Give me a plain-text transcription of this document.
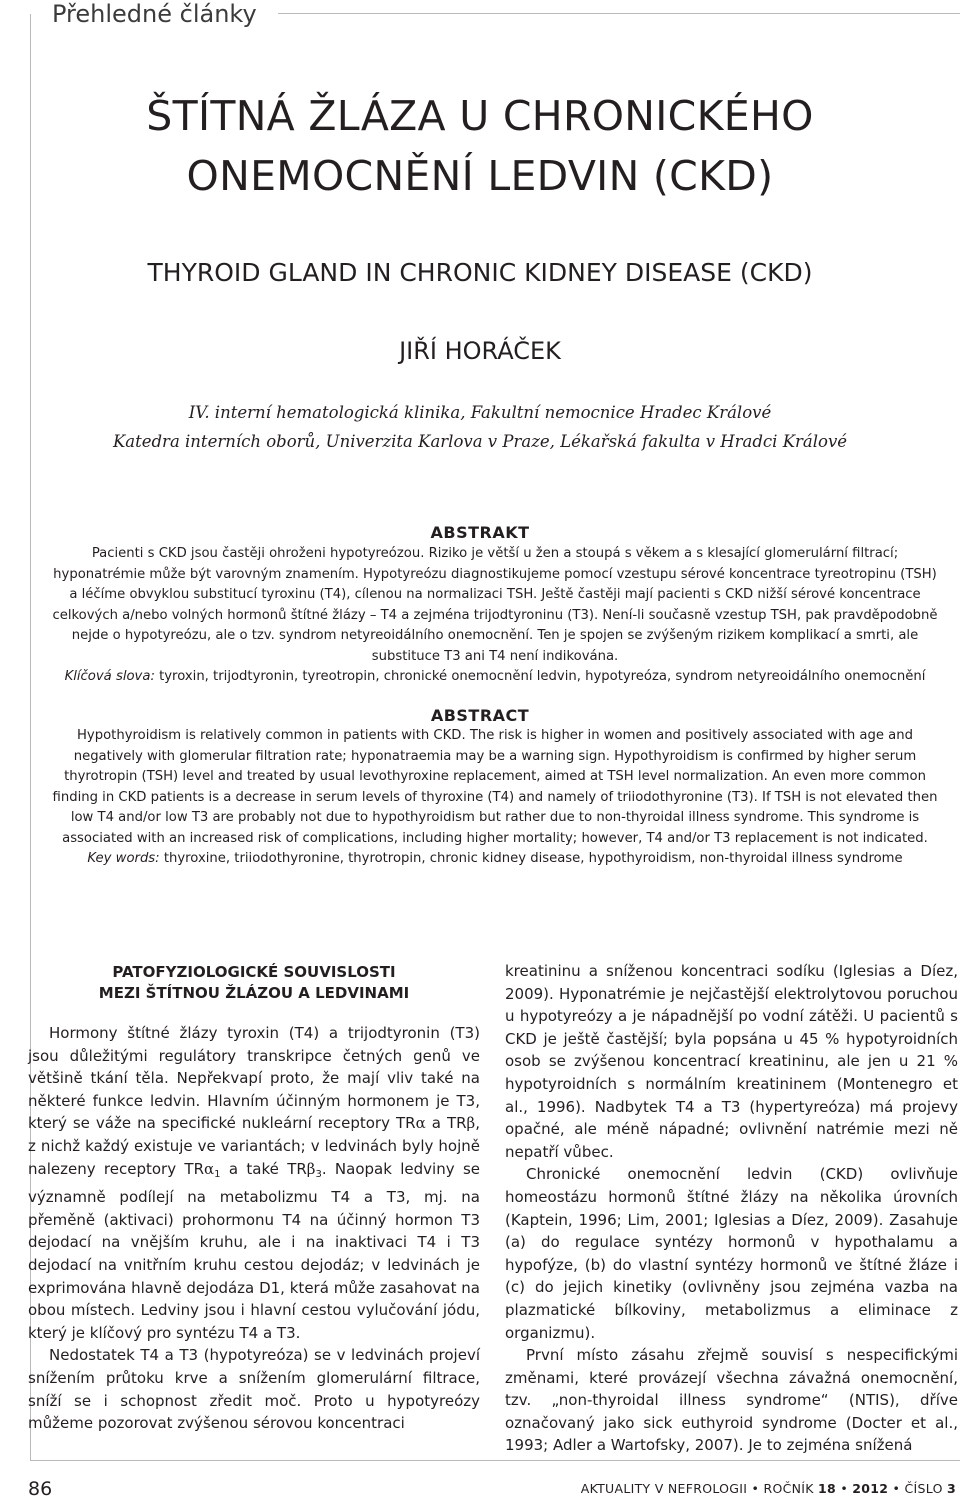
Přehledné články
ŠTÍTNÁ ŽLÁZA U CHRONICKÉHO
ONEMOCNĚNÍ LEDVIN (CKD)
THYROID GLAND IN CHRONIC KIDNEY DISEASE (CKD)
JIŘÍ HORÁČEK
IV. interní hematologická klinika, Fakultní nemocnice Hradec Králové
Katedra interních oborů, Univerzita Karlova v Praze, Lékařská fakulta v Hradci Králové
ABSTRAKT
Pacienti s CKD jsou častěji ohroženi hypotyreózou. Riziko je větší u žen a stoupá s věkem a s klesající glomerulární filtrací;
hyponatrémie může být varovným znamením. Hypotyreózu diagnostikujeme pomocí vzestupu sérové koncentrace tyreotropinu (TSH)
a léčíme obvyklou substitucí tyroxinu (T4), cílenou na normalizaci TSH. Ještě častěji mají pacienti s CKD nižší sérové koncentrace
celkových a/nebo volných hormonů štítné žlázy – T4 a zejména trijodtyroninu (T3). Není-li současně vzestup TSH, pak pravděpodobně
nejde o hypotyreózu, ale o tzv. syndrom netyreoidálního onemocnění. Ten je spojen se zvýšeným rizikem komplikací a smrti, ale
substituce T3 ani T4 není indikována.
Klíčová slova: tyroxin, trijodtyronin, tyreotropin, chronické onemocnění ledvin, hypotyreóza, syndrom netyreoidálního onemocnění
ABSTRACT
Hypothyroidism is relatively common in patients with CKD. The risk is higher in women and positively associated with age and
negatively with glomerular filtration rate; hyponatraemia may be a warning sign. Hypothyroidism is confirmed by higher serum
thyrotropin (TSH) level and treated by usual levothyroxine replacement, aimed at TSH level normalization. An even more common
finding in CKD patients is a decrease in serum levels of thyroxine (T4) and namely of triiodothyronine (T3). If TSH is not elevated then
low T4 and/or low T3 are probably not due to hypothyroidism but rather due to non-thyroidal illness syndrome. This syndrome is
associated with an increased risk of complications, including higher mortality; however, T4 and/or T3 replacement is not indicated.
Key words: thyroxine, triiodothyronine, thyrotropin, chronic kidney disease, hypothyroidism, non-thyroidal illness syndrome
PATOFYZIOLOGICKÉ SOUVISLOSTI
MEZI ŠTÍTNOU ŽLÁZOU A LEDVINAMI

Hormony štítné žlázy tyroxin (T4) a trijodtyronin (T3) jsou důležitými regulátory transkripce četných genů ve většině tkání těla. Nepřekvapí proto, že mají vliv také na některé funkce ledvin. Hlavním účinným hormonem je T3, který se váže na specifické nukleární receptory TRα a TRβ, z nichž každý existuje ve variantách; v ledvinách byly hojně nalezeny receptory TRα$_1$ a také TRβ$_3$. Naopak ledviny se významně podílejí na metabolizmu T4 a T3, mj. na přeměně (aktivaci) prohormonu T4 na účinný hormon T3 dejodací na vnějším kruhu, ale i na inaktivaci T4 i T3 dejodací na vnitřním kruhu cestou dejodáz; v ledvinách je exprimována hlavně dejodáza D1, která může zasahovat na obou místech. Ledviny jsou i hlavní cestou vylučování jódu, který je klíčový pro syntézu T4 a T3.

Nedostatek T4 a T3 (hypotyreóza) se v ledvinách projeví snížením průtoku krve a snížením glomerulární filtrace, sníží se i schopnost zředit moč. Proto u hypotyreózy můžeme pozorovat zvýšenou sérovou koncentraci

kreatininu a sníženou koncentraci sodíku (Iglesias a Díez, 2009). Hyponatrémie je nejčastější elektrolytovou poruchou u hypotyreózy a je nápadnější po vodní zátěži. U pacientů s CKD je ještě častější; byla popsána u 45 % hypotyroidních osob se zvýšenou koncentrací kreatininu, ale jen u 21 % hypotyroidních s normálním kreatininem (Montenegro et al., 1996). Nadbytek T4 a T3 (hypertyreóza) má projevy opačné, ale méně nápadné; ovlivnění natrémie mezi ně nepatří vůbec.

Chronické onemocnění ledvin (CKD) ovlivňuje homeostázu hormonů štítné žlázy na několika úrovních (Kaptein, 1996; Lim, 2001; Iglesias a Díez, 2009). Zasahuje (a) do regulace syntézy hormonů v hypothalamu a hypofýze, (b) do vlastní syntézy hormonů ve štítné žláze i (c) do jejich kinetiky (ovlivněny jsou zejména vazba na plazmatické bílkoviny, metabolizmus a eliminace z organizmu).

První místo zásahu zřejmě souvisí s nespecifickými změnami, které provázejí všechna závažná onemocnění, tzv. „non-thyroidal illness syndrome“ (NTIS), dříve označovaný jako sick euthyroid syndrome (Docter et al., 1993; Adler a Wartofsky, 2007). Je to zejména snížená

86	AKTUALITY V NEFROLOGII • ROČNÍK 18 • 2012 • ČÍSLO 3
